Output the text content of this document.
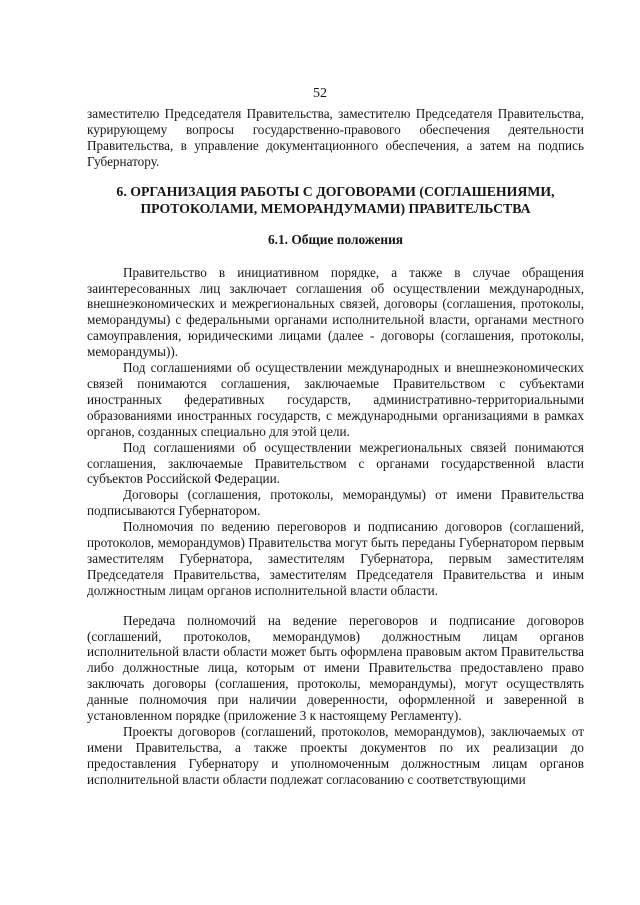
52

заместителю Председателя Правительства, заместителю Председателя Правительства, курирующему вопросы государственно-правового обеспечения деятельности Правительства, в управление документационного обеспечения, а затем на подпись Губернатору.

6. ОРГАНИЗАЦИЯ РАБОТЫ С ДОГОВОРАМИ (СОГЛАШЕНИЯМИ, ПРОТОКОЛАМИ, МЕМОРАНДУМАМИ) ПРАВИТЕЛЬСТВА
6.1. Общие положения

Правительство в инициативном порядке, а также в случае обращения заинтересованных лиц заключает соглашения об осуществлении международных, внешнеэкономических и межрегиональных связей, договоры (соглашения, протоколы, меморандумы) с федеральными органами исполнительной власти, органами местного самоуправления, юридическими лицами (далее - договоры (соглашения, протоколы, меморандумы)).

Под соглашениями об осуществлении международных и внешнеэкономических связей понимаются соглашения, заключаемые Правительством с субъектами иностранных федеративных государств, административно-территориальными образованиями иностранных государств, с международными организациями в рамках органов, созданных специально для этой цели.

Под соглашениями об осуществлении межрегиональных связей понимаются соглашения, заключаемые Правительством с органами государственной власти субъектов Российской Федерации.

Договоры (соглашения, протоколы, меморандумы) от имени Правительства подписываются Губернатором.

Полномочия по ведению переговоров и подписанию договоров (соглашений, протоколов, меморандумов) Правительства могут быть переданы Губернатором первым заместителям Губернатора, заместителям Губернатора, первым заместителям Председателя Правительства, заместителям Председателя Правительства и иным должностным лицам органов исполнительной власти области.

Передача полномочий на ведение переговоров и подписание договоров (соглашений, протоколов, меморандумов) должностным лицам органов исполнительной власти области может быть оформлена правовым актом Правительства либо должностные лица, которым от имени Правительства предоставлено право заключать договоры (соглашения, протоколы, меморандумы), могут осуществлять данные полномочия при наличии доверенности, оформленной и заверенной в установленном порядке (приложение 3 к настоящему Регламенту).

Проекты договоров (соглашений, протоколов, меморандумов), заключаемых от имени Правительства, а также проекты документов по их реализации до предоставления Губернатору и уполномоченным должностным лицам органов исполнительной власти области подлежат согласованию с соответствующими
